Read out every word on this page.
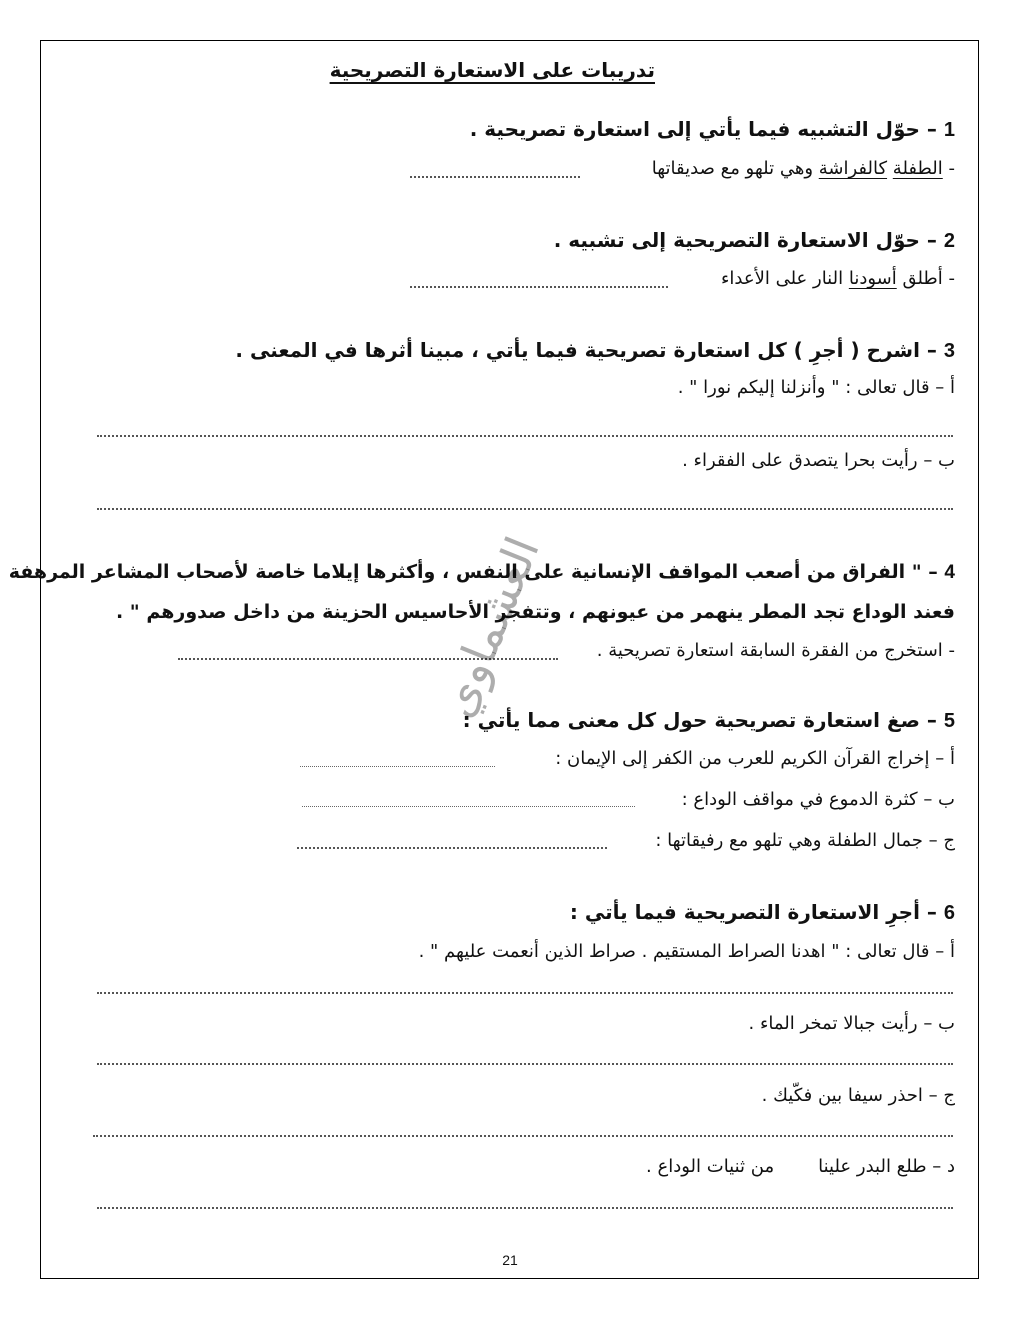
تدريبات على الاستعارة التصريحية
1 – حوّل التشبيه فيما يأتي إلى استعارة تصريحية .
- الطفلة كالفراشة وهي تلهو مع صديقاتها
2 – حوّل الاستعارة التصريحية إلى تشبيه .
- أطلق أسودنا النار على الأعداء
3 – اشرح ( أجرِ ) كل استعارة تصريحية فيما يأتي ، مبينا أثرها في المعنى .
أ – قال تعالى : " وأنزلنا إليكم نورا " .
ب – رأيت بحرا يتصدق على الفقراء .
4 – " الفراق من أصعب المواقف الإنسانية على النفس ، وأكثرها إيلاما خاصة لأصحاب المشاعر المرهفة
فعند الوداع تجد المطر ينهمر من عيونهم ، وتتفجر الأحاسيس الحزينة من داخل صدورهم " .
- استخرج من الفقرة السابقة استعارة تصريحية .
5 – صغ استعارة تصريحية حول كل معنى مما يأتي :
أ – إخراج القرآن الكريم للعرب من الكفر إلى الإيمان :
ب – كثرة الدموع في مواقف الوداع :
ج – جمال الطفلة وهي تلهو مع رفيقاتها :
6 – أجرِ الاستعارة التصريحية فيما يأتي :
أ – قال تعالى : " اهدنا الصراط المستقيم . صراط الذين أنعمت عليهم " .
ب – رأيت جبالا تمخر الماء .
ج – احذر سيفا بين فكّيك .
د – طلع البدر علينامن ثنيات الوداع .
العشماوي
21
